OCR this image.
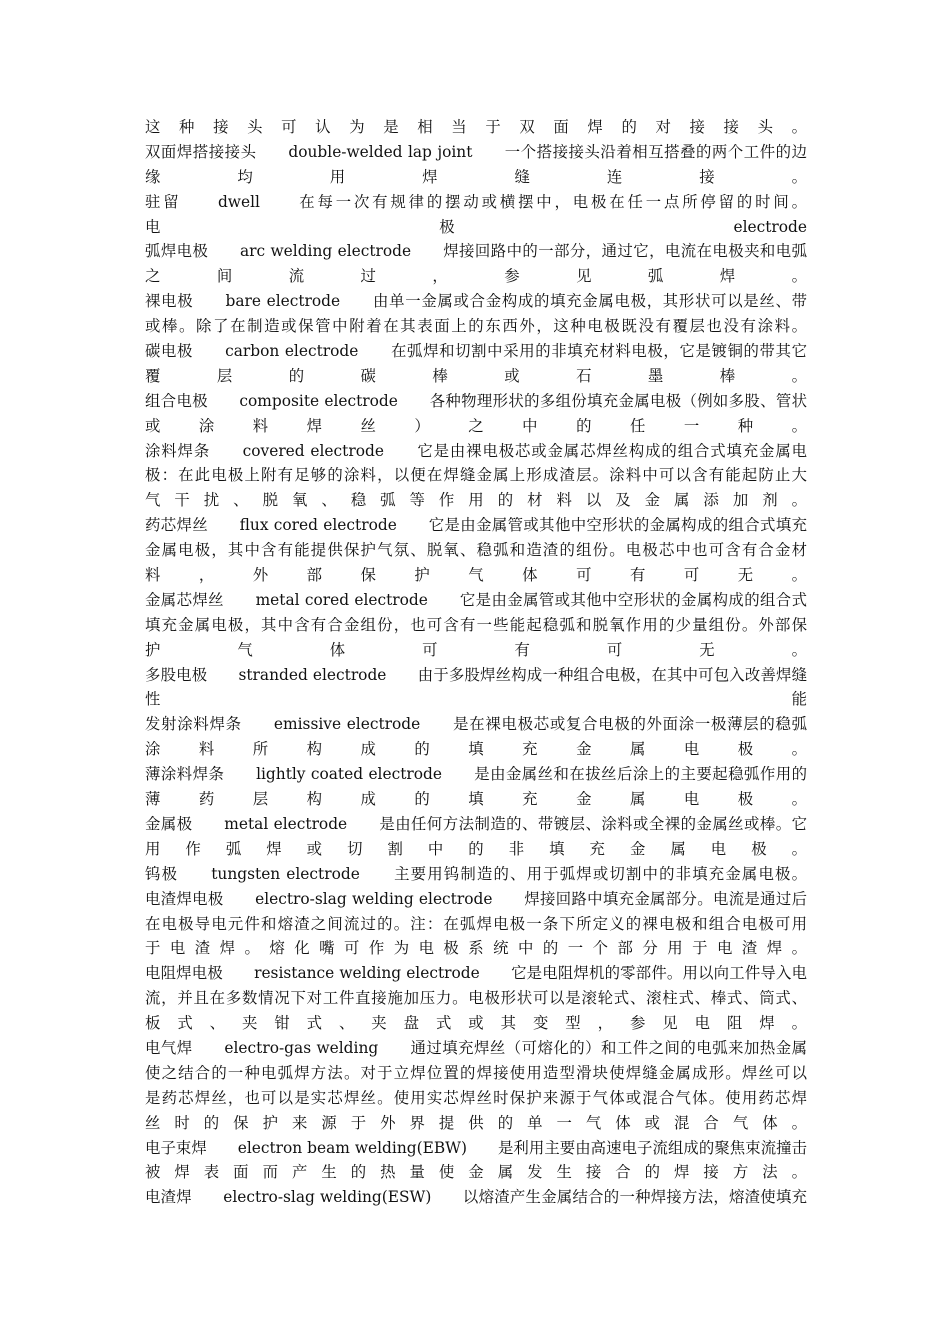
这 种 接 头 可 认 为 是 相 当 于 双 面 焊 的 对 接 接 头 。
双面焊搭接接头　　double-welded lap joint　　一个搭接接头沿着相互搭叠的两个工件的边
缘 均 用 焊 缝 连 接 。
驻留　　dwell　　在每一次有规律的摆动或横摆中，电极在任一点所停留的时间。
电 极 electrode
弧焊电极　　arc welding electrode　　焊接回路中的一部分，通过它，电流在电极夹和电弧
之 间 流 过 ， 参 见 弧 焊 。
裸电极　　bare electrode　　由单一金属或合金构成的填充金属电极，其形状可以是丝、带
或棒。除了在制造或保管中附着在其表面上的东西外，这种电极既没有覆层也没有涂料。
碳电极　　carbon electrode　　在弧焊和切割中采用的非填充材料电极，它是镀铜的带其它
覆 层 的 碳 棒 或 石 墨 棒 。
组合电极　　composite electrode　　各种物理形状的多组份填充金属电极（例如多股、管状
或 涂 料 焊 丝 ） 之 中 的 任 一 种 。
涂料焊条　　covered electrode　　它是由裸电极芯或金属芯焊丝构成的组合式填充金属电
极：在此电极上附有足够的涂料，以便在焊缝金属上形成渣层。涂料中可以含有能起防止大
气 干 扰 、 脱 氧 、 稳 弧 等 作 用 的 材 料 以 及 金 属 添 加 剂 。
药芯焊丝　　flux cored electrode　　它是由金属管或其他中空形状的金属构成的组合式填充
金属电极，其中含有能提供保护气氛、脱氧、稳弧和造渣的组份。电极芯中也可含有合金材
料 ， 外 部 保 护 气 体 可 有 可 无 。
金属芯焊丝　　metal cored electrode　　它是由金属管或其他中空形状的金属构成的组合式
填充金属电极，其中含有合金组份，也可含有一些能起稳弧和脱氧作用的少量组份。外部保
护 气 体 可 有 可 无 。
多股电极　　stranded electrode　　由于多股焊丝构成一种组合电极，在其中可包入改善焊缝
性 能
发射涂料焊条　　emissive electrode　　是在裸电极芯或复合电极的外面涂一极薄层的稳弧
涂 料 所 构 成 的 填 充 金 属 电 极 。
薄涂料焊条　　lightly coated electrode　　是由金属丝和在拔丝后涂上的主要起稳弧作用的
薄 药 层 构 成 的 填 充 金 属 电 极 。
金属极　　metal electrode　　是由任何方法制造的、带镀层、涂料或全裸的金属丝或棒。它
用 作 弧 焊 或 切 割 中 的 非 填 充 金 属 电 极 。
钨极　　tungsten electrode　　主要用钨制造的、用于弧焊或切割中的非填充金属电极。
电渣焊电极　　electro-slag welding electrode　　焊接回路中填充金属部分。电流是通过后
在电极导电元件和熔渣之间流过的。注：在弧焊电极一条下所定义的裸电极和组合电极可用
于 电 渣 焊 。 熔 化 嘴 可 作 为 电 极 系 统 中 的 一 个 部 分 用 于 电 渣 焊 。
电阻焊电极　　resistance welding electrode　　它是电阻焊机的零部件。用以向工件导入电
流，并且在多数情况下对工件直接施加压力。电极形状可以是滚轮式、滚柱式、棒式、筒式、
板 式 、 夹 钳 式 、 夹 盘 式 或 其 变 型 ， 参 见 电 阻 焊 。
电气焊　　electro-gas welding　　通过填充焊丝（可熔化的）和工件之间的电弧来加热金属
使之结合的一种电弧焊方法。对于立焊位置的焊接使用造型滑块使焊缝金属成形。焊丝可以
是药芯焊丝，也可以是实芯焊丝。使用实芯焊丝时保护来源于气体或混合气体。使用药芯焊
丝 时 的 保 护 来 源 于 外 界 提 供 的 单 一 气 体 或 混 合 气 体 。
电子束焊　　electron beam welding(EBW)　　是利用主要由高速电子流组成的聚焦束流撞击
被 焊 表 面 而 产 生 的 热 量 使 金 属 发 生 接 合 的 焊 接 方 法 。
电渣焊　　electro-slag welding(ESW)　　以熔渣产生金属结合的一种焊接方法，熔渣使填充
